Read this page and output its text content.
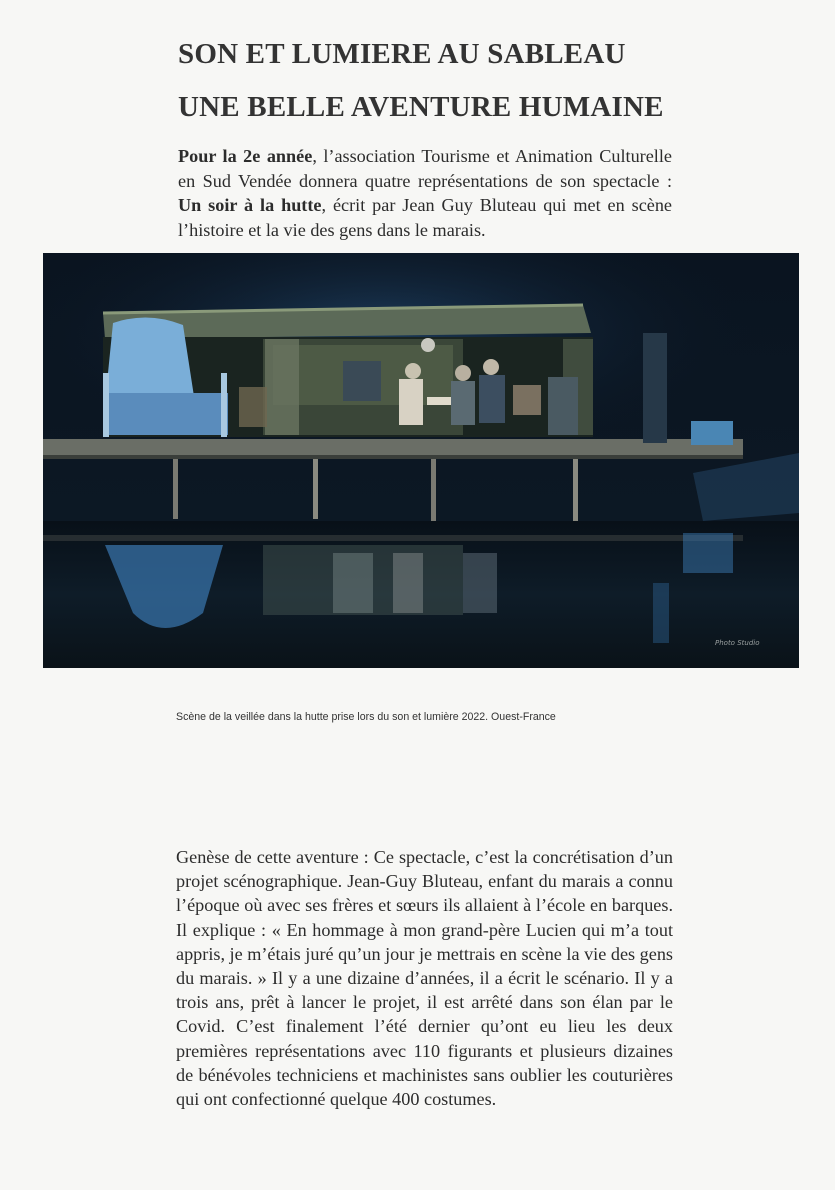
SON ET LUMIERE AU SABLEAU
UNE BELLE AVENTURE HUMAINE

Pour la 2e année, l’association Tourisme et Animation Culturelle en Sud Vendée donnera quatre représentations de son spectacle : Un soir à la hutte, écrit par Jean Guy Bluteau qui met en scène l’histoire et la vie des gens dans le marais.

Photo Studio

Scène de la veillée dans la hutte prise lors du son et lumière 2022. Ouest-France

Genèse de cette aventure : Ce spectacle, c’est la concrétisation d’un projet scénographique. Jean-Guy Bluteau, enfant du marais a connu l’époque où avec ses frères et sœurs ils allaient à l’école en barques. Il explique : « En hommage à mon grand-père Lucien qui m’a tout appris, je m’étais juré qu’un jour je mettrais en scène la vie des gens du marais. » Il y a une dizaine d’années, il a écrit le scénario. Il y a trois ans, prêt à lancer le projet, il est arrêté dans son élan par le Covid. C’est finalement l’été dernier qu’ont eu lieu les deux premières représentations avec 110 figurants et plusieurs dizaines de bénévoles techniciens et machinistes sans oublier les couturières qui ont confectionné quelque 400 costumes.
